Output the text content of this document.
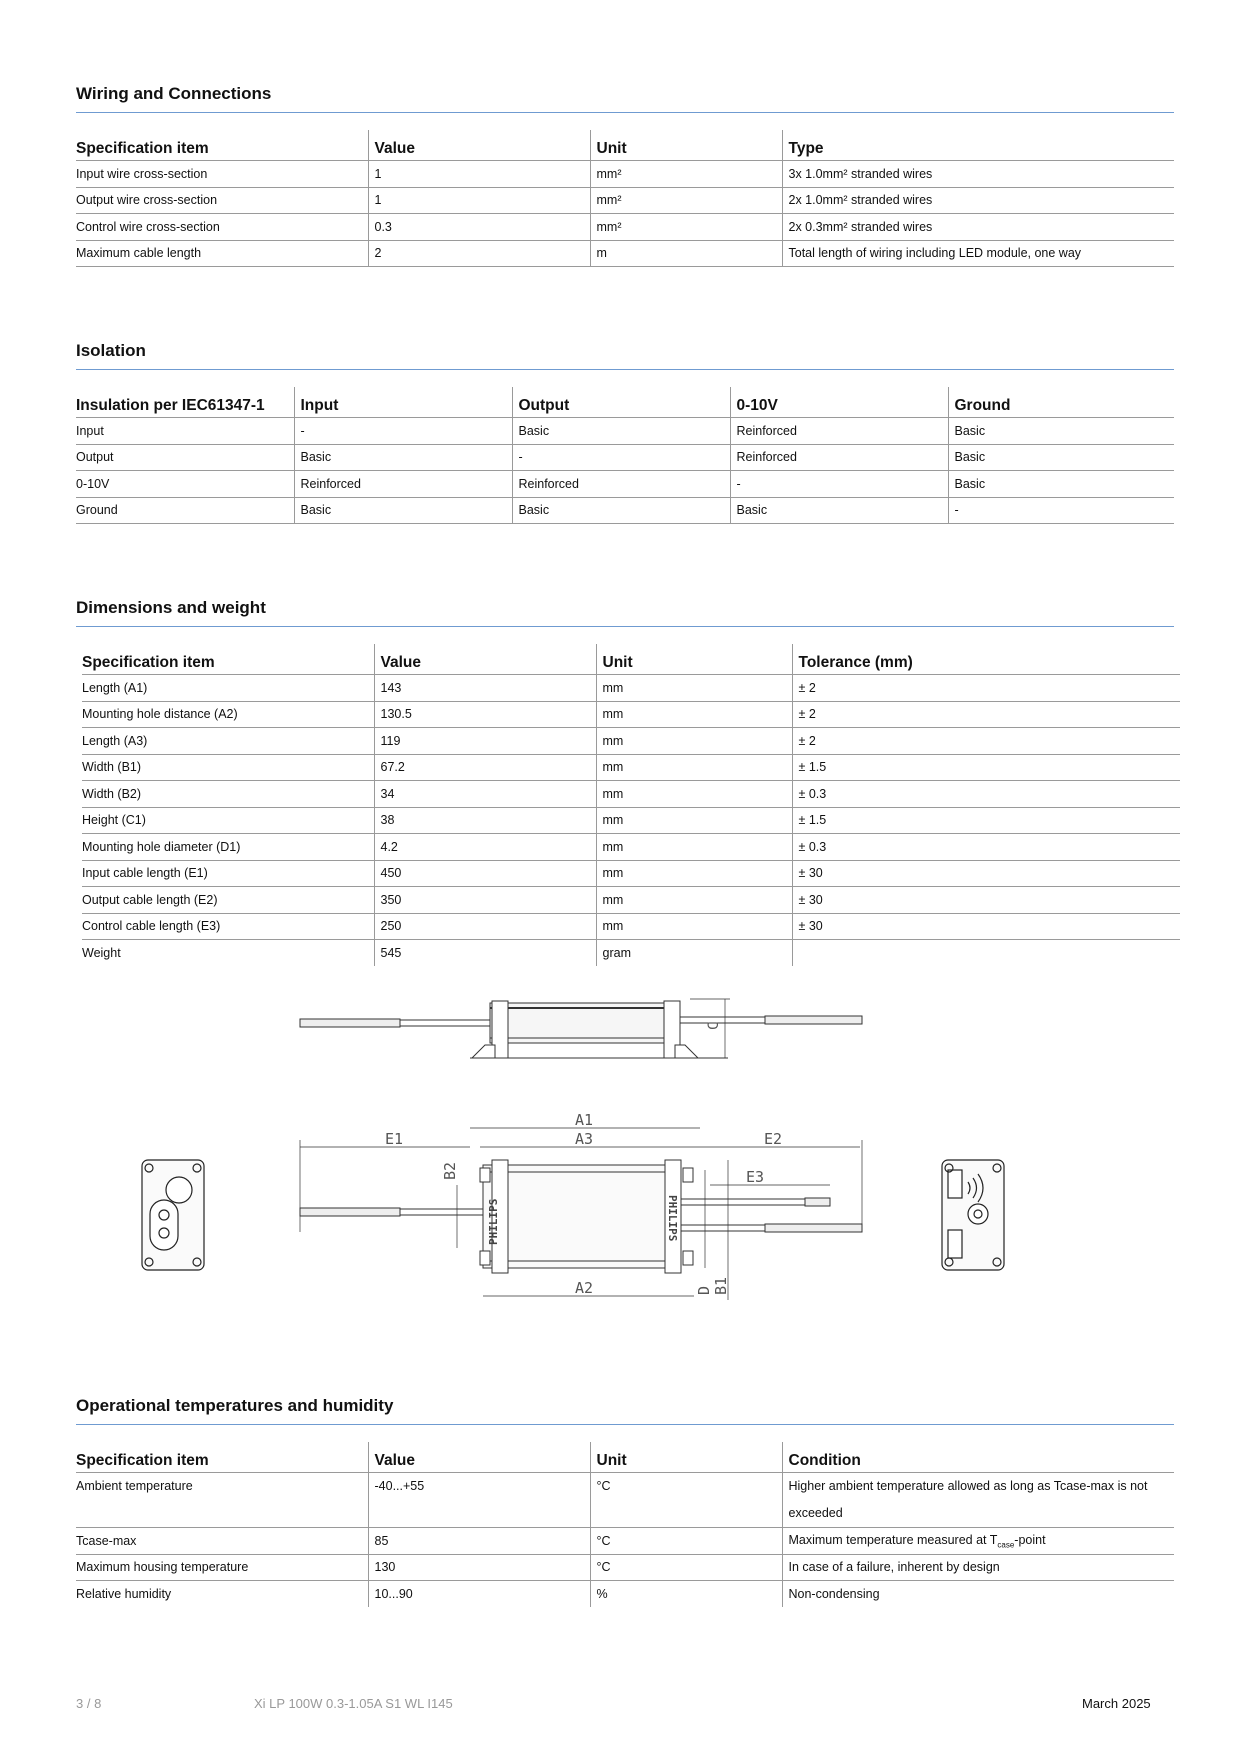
Wiring and Connections
Specification item	Value	Unit	Type
Input wire cross-section	1	mm²	3x 1.0mm² stranded wires
Output wire cross-section	1	mm²	2x 1.0mm² stranded wires
Control wire cross-section	0.3	mm²	2x 0.3mm² stranded wires
Maximum cable length	2	m	Total length of wiring including LED module, one way
Isolation
Insulation per IEC61347-1	Input	Output	0-10V	Ground
Input	-	Basic	Reinforced	Basic
Output	Basic	-	Reinforced	Basic
0-10V	Reinforced	Reinforced	-	Basic
Ground	Basic	Basic	Basic	-
Dimensions and weight
Specification item	Value	Unit	Tolerance (mm)
Length (A1)	143	mm	± 2
Mounting hole distance (A2)	130.5	mm	± 2
Length (A3)	119	mm	± 2
Width (B1)	67.2	mm	± 1.5
Width (B2)	34	mm	± 0.3
Height (C1)	38	mm	± 1.5
Mounting hole diameter (D1)	4.2	mm	± 0.3
Input cable length (E1)	450	mm	± 30
Output cable length (E2)	350	mm	± 30
Control cable length (E3)	250	mm	± 30
Weight	545	gram	
C
A1
A3
E1	E2
E3
A2
B2
B1
D
PHILIPS	PHILIPS
Operational temperatures and humidity
Specification item	Value	Unit	Condition
Ambient temperature	-40...+55	°C	Higher ambient temperature allowed as long as Tcase-max is not exceeded
Tcase-max	85	°C	Maximum temperature measured at $T_{case}$-point
Maximum housing temperature	130	°C	In case of a failure, inherent by design
Relative humidity	10...90	%	Non-condensing
3 / 8	Xi LP 100W 0.3-1.05A S1 WL I145	March 2025
